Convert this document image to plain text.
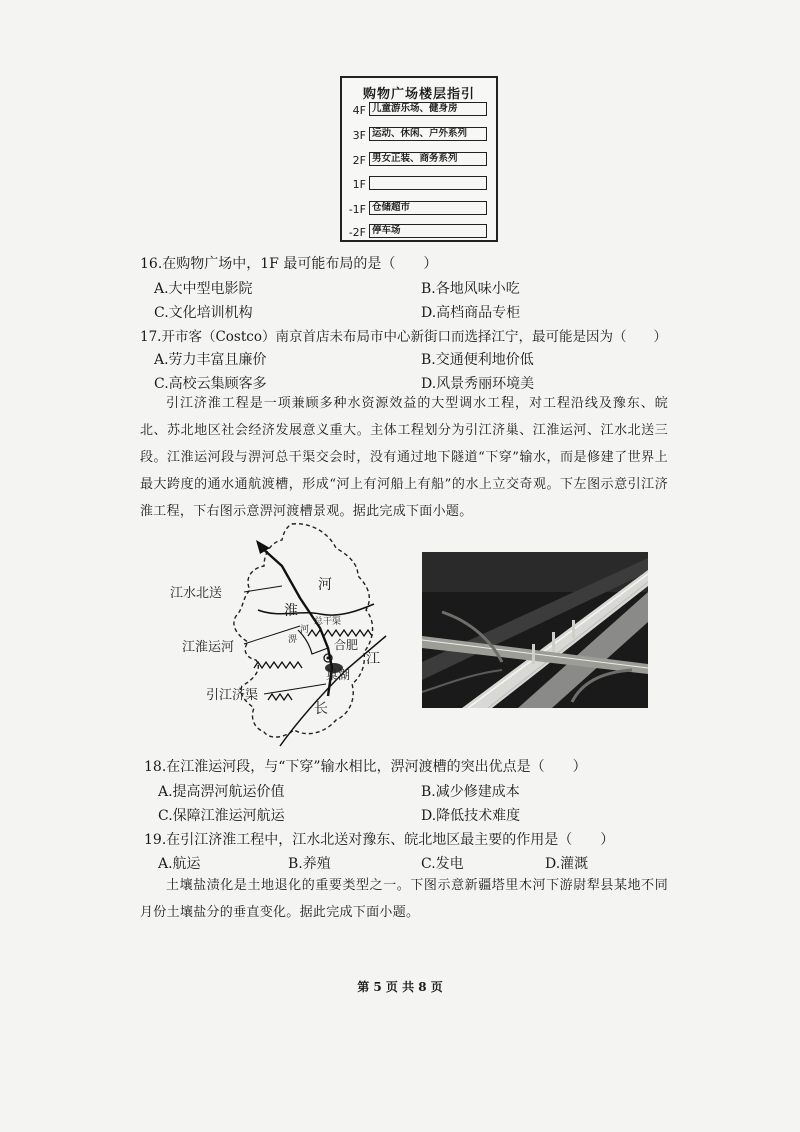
购物广场楼层指引
4F 儿童游乐场、健身房
3F 运动、休闲、户外系列
2F 男女正装、商务系列
1F
-1F 仓储超市
-2F 停车场
16.在购物广场中，1F 最可能布局的是（　　）
A.大中型电影院	B.各地风味小吃
C.文化培训机构	D.高档商品专柜
17.开市客（Costco）南京首店未布局市中心新街口而选择江宁，最可能是因为（　　）
A.劳力丰富且廉价	B.交通便利地价低
C.高校云集顾客多	D.风景秀丽环境美
引江济淮工程是一项兼顾多种水资源效益的大型调水工程，对工程沿线及豫东、皖北、苏北地区社会经济发展意义重大。主体工程划分为引江济巢、江淮运河、江水北送三段。江淮运河段与淠河总干渠交会时，没有通过地下隧道“下穿”输水，而是修建了世界上最大跨度的通水通航渡槽，形成“河上有河船上有船”的水上立交奇观。下左图示意引江济淮工程，下右图示意淠河渡槽景观。据此完成下面小题。
江水北送
江淮运河
引江济渠
河
淮
淠
河
总干渠
合肥
江
巢湖
长
18.在江淮运河段，与“下穿”输水相比，淠河渡槽的突出优点是（　　）
A.提高淠河航运价值	B.减少修建成本
C.保障江淮运河航运	D.降低技术难度
19.在引江济淮工程中，江水北送对豫东、皖北地区最主要的作用是（　　）
A.航运	B.养殖	C.发电	D.灌溉
土壤盐渍化是土地退化的重要类型之一。下图示意新疆塔里木河下游尉犁县某地不同月份土壤盐分的垂直变化。据此完成下面小题。
第 5 页 共 8 页
